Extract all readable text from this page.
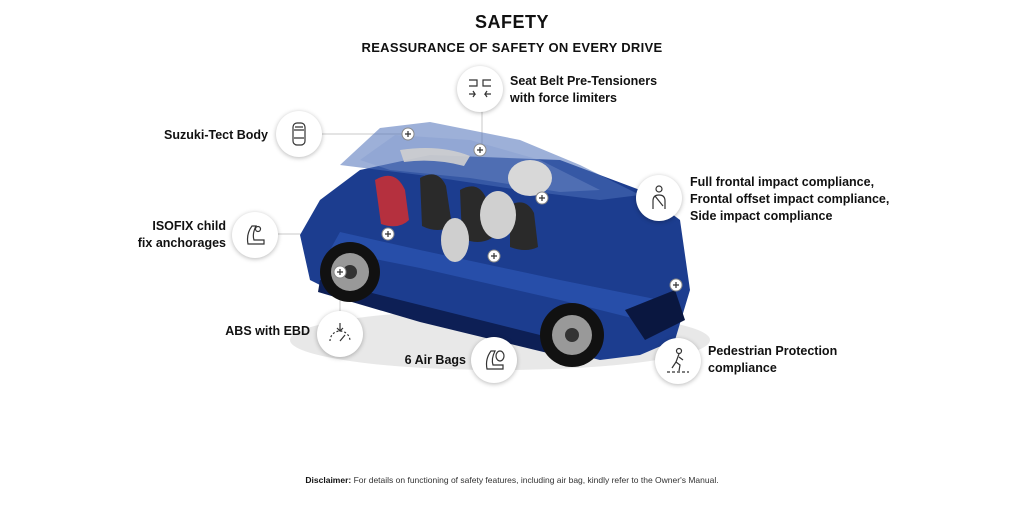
SAFETY
REASSURANCE OF SAFETY ON EVERY DRIVE
Seat Belt Pre-Tensioners
with force limiters
Suzuki-Tect Body
Full frontal impact compliance,
Frontal offset impact compliance,
Side impact compliance
ISOFIX child
fix anchorages
ABS with EBD
6 Air Bags
Pedestrian Protection
compliance
Disclaimer: For details on functioning of safety features, including air bag, kindly refer to the Owner's Manual.
